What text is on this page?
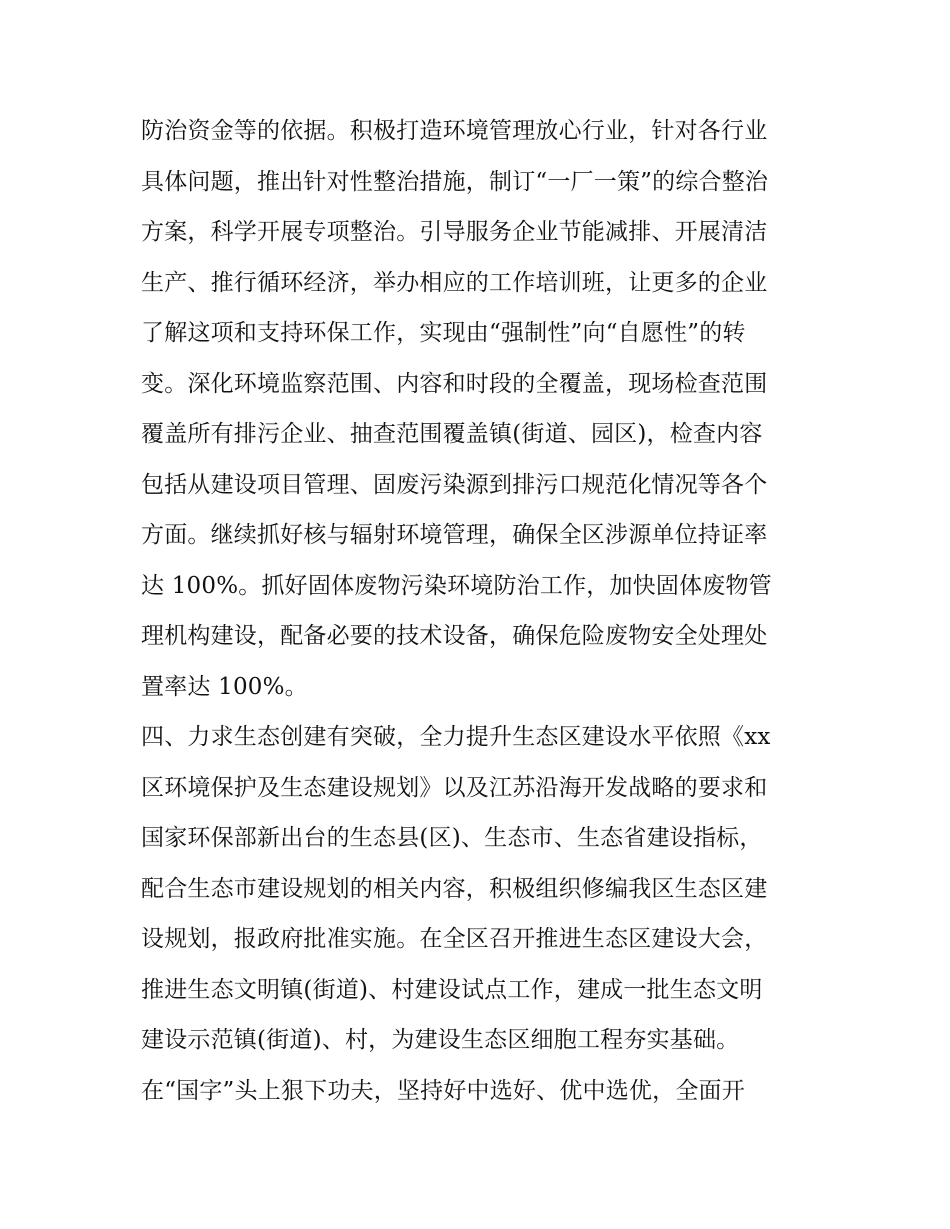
防治资金等的依据。积极打造环境管理放心行业，针对各行业
具体问题，推出针对性整治措施，制订“一厂一策”的综合整治
方案，科学开展专项整治。引导服务企业节能减排、开展清洁
生产、推行循环经济，举办相应的工作培训班，让更多的企业
了解这项和支持环保工作，实现由“强制性”向“自愿性”的转
变。深化环境监察范围、内容和时段的全覆盖，现场检查范围
覆盖所有排污企业、抽查范围覆盖镇(街道、园区)，检查内容
包括从建设项目管理、固废污染源到排污口规范化情况等各个
方面。继续抓好核与辐射环境管理，确保全区涉源单位持证率
达 100%。抓好固体废物污染环境防治工作，加快固体废物管
理机构建设，配备必要的技术设备，确保危险废物安全处理处
置率达 100%。
四、力求生态创建有突破，全力提升生态区建设水平依照《xx
区环境保护及生态建设规划》以及江苏沿海开发战略的要求和
国家环保部新出台的生态县(区)、生态市、生态省建设指标，
配合生态市建设规划的相关内容，积极组织修编我区生态区建
设规划，报政府批准实施。在全区召开推进生态区建设大会，
推进生态文明镇(街道)、村建设试点工作，建成一批生态文明
建设示范镇(街道)、村，为建设生态区细胞工程夯实基础。
在“国字”头上狠下功夫，坚持好中选好、优中选优，全面开
